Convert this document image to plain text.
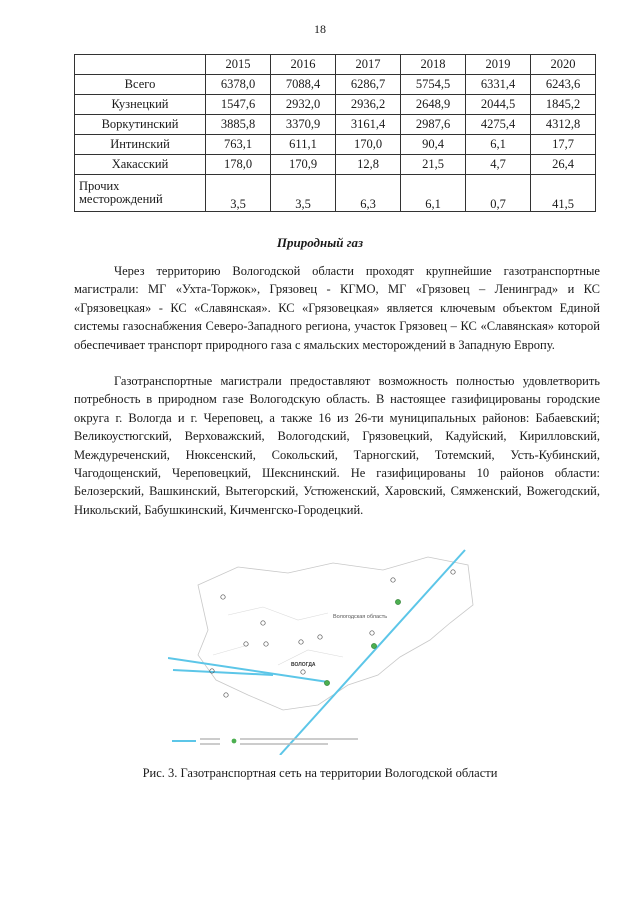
18
	2015	2016	2017	2018	2019	2020
Всего	6378,0	7088,4	6286,7	5754,5	6331,4	6243,6
Кузнецкий	1547,6	2932,0	2936,2	2648,9	2044,5	1845,2
Воркутинский	3885,8	3370,9	3161,4	2987,6	4275,4	4312,8
Интинский	763,1	611,1	170,0	90,4	6,1	17,7
Хакасский	178,0	170,9	12,8	21,5	4,7	26,4
Прочих месторождений	3,5	3,5	6,3	6,1	0,7	41,5
Природный газ

Через территорию Вологодской области проходят крупнейшие газотранспортные магистрали: МГ «Ухта-Торжок», Грязовец - КГМО, МГ «Грязовец – Ленинград» и КС «Грязовецкая» - КС «Славянская». КС «Грязовецкая» является ключевым объектом Единой системы газоснабжения Северо-Западного региона, участок Грязовец – КС «Славянская» которой обеспечивает транспорт природного газа с ямальских месторождений в Западную Европу.

Газотранспортные магистрали предоставляют возможность полностью удовлетворить потребность в природном газе Вологодскую область. В настоящее газифицированы городские округа г. Вологда и г. Череповец, а также 16 из 26-ти муниципальных районов: Бабаевский; Великоустюгский, Верховажский, Вологодский, Грязовецкий, Кадуйский, Кирилловский, Междуреченский, Нюксенский, Сокольский, Тарногский, Тотемский, Усть-Кубинский, Чагодощенский, Череповецкий, Шекснинский. Не газифицированы 10 районов области: Белозерский, Вашкинский, Вытегорский, Устюженский, Харовский, Сямженский, Вожегодский, Никольский, Бабушкинский, Кичменгско-Городецкий.

Вологодская область
ВОЛОГДА
Рис. 3. Газотранспортная сеть на территории Вологодской области
